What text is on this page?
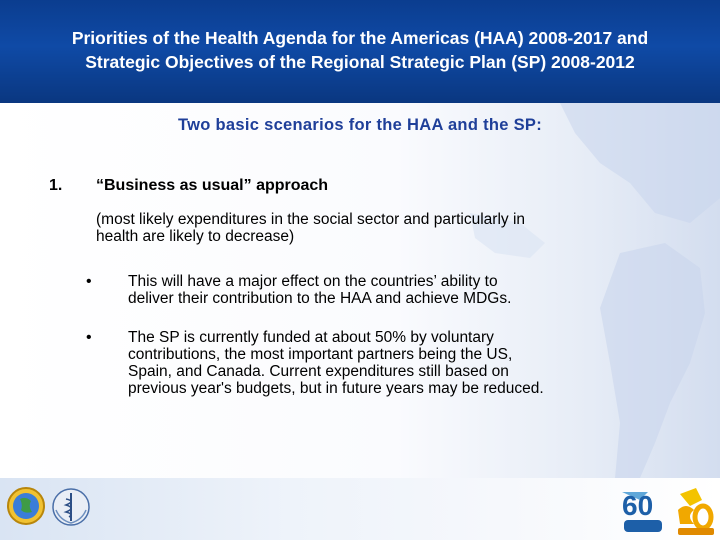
Priorities of the Health Agenda for the Americas (HAA) 2008-2017 and
Strategic Objectives of the Regional Strategic Plan (SP) 2008-2012
Two basic scenarios for the HAA and the SP:
1. “Business as usual” approach
(most likely expenditures in the social sector and particularly in
health are likely to decrease)
• This will have a major effect on the countries’ ability to
deliver their contribution to the HAA and achieve MDGs.
• The SP is currently funded at about 50% by voluntary
contributions, the most important partners being the US,
Spain, and Canada. Current expenditures still based on
previous year's budgets, but in future years may be reduced.
60
